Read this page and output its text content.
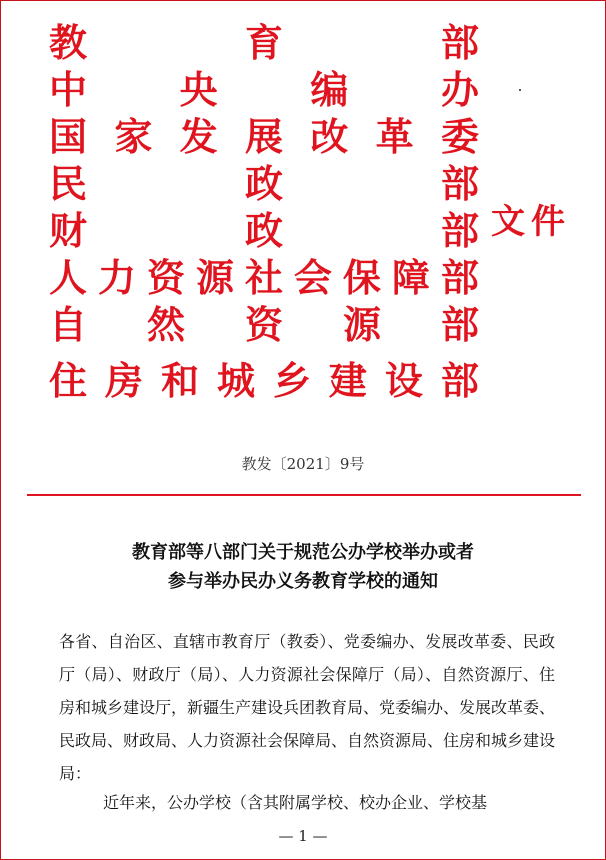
教	育	部
中 央 编 办
国 家 发 展 改 革 委
民	政	部
财	政	部
人 力 资 源 社 会 保 障 部
自 然 资 源 部
住 房 和 城 乡 建 设 部
文件
教发〔2021〕9号
教育部等八部门关于规范公办学校举办或者
参与举办民办义务教育学校的通知
各省、自治区、直辖市教育厅（教委）、党委编办、发展改革委、民政厅（局）、财政厅（局）、人力资源社会保障厅（局）、自然资源厅、住房和城乡建设厅，新疆生产建设兵团教育局、党委编办、发展改革委、民政局、财政局、人力资源社会保障局、自然资源局、住房和城乡建设局：
近年来，公办学校（含其附属学校、校办企业、学校基
— 1 —
